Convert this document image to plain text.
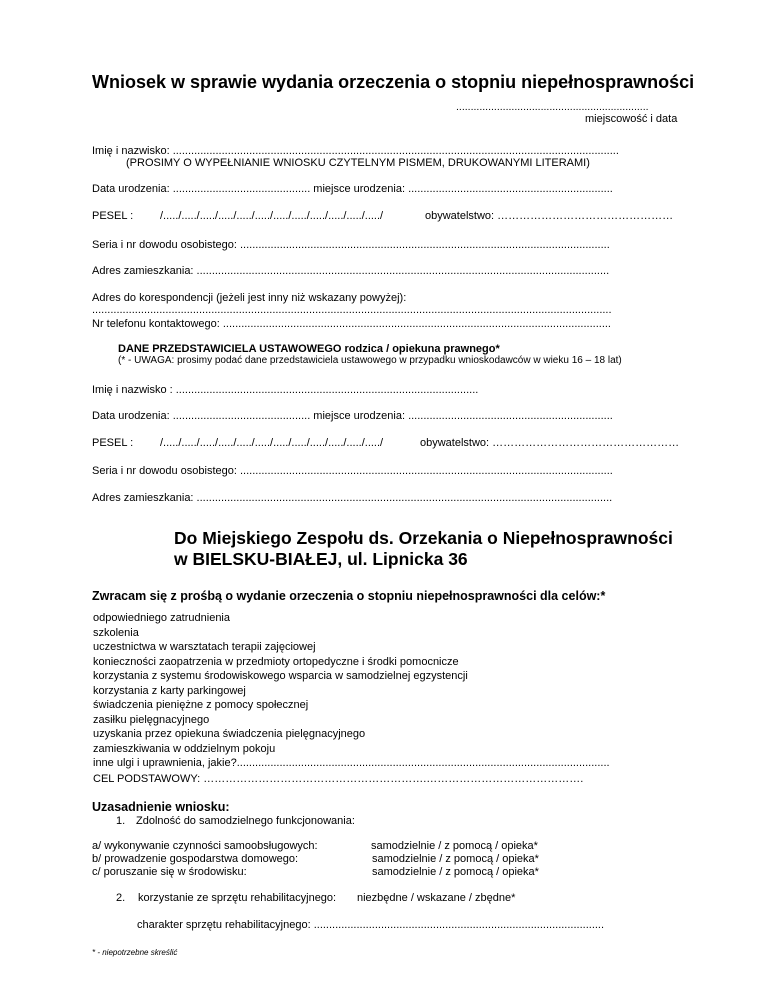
Wniosek w sprawie wydania orzeczenia o stopniu niepełnosprawności
..................................................................
miejscowość i data
Imię i nazwisko: ..................................................................................................................................................
(PROSIMY O WYPEŁNIANIE WNIOSKU CZYTELNYM PISMEM, DRUKOWANYMI LITERAMI)
Data urodzenia: ............................................. miejsce urodzenia: ...................................................................
PESEL : /...../...../...../...../...../...../...../...../...../...../...../...../	obywatelstwo: …………………………………………
Seria i nr dowodu osobistego: .........................................................................................................................
Adres zamieszkania: .......................................................................................................................................
Adres do korespondencji (jeżeli jest inny niż wskazany powyżej):
..........................................................................................................................................................................
Nr telefonu kontaktowego: ...............................................................................................................................
DANE PRZEDSTAWICIELA USTAWOWEGO rodzica / opiekuna prawnego*
(* - UWAGA: prosimy podać dane przedstawiciela ustawowego w przypadku wnioskodawców w wieku 16 – 18 lat)
Imię i nazwisko : ...................................................................................................
Data urodzenia: ............................................. miejsce urodzenia: ...................................................................
PESEL : /...../...../...../...../...../...../...../...../...../...../...../...../	obywatelstwo: ……………………………………………
Seria i nr dowodu osobistego: ..........................................................................................................................
Adres zamieszkania: ........................................................................................................................................
Do Miejskiego Zespołu ds. Orzekania o Niepełnosprawności
w BIELSKU-BIAŁEJ, ul. Lipnicka 36
Zwracam się z prośbą o wydanie orzeczenia o stopniu niepełnosprawności dla celów:*
odpowiedniego zatrudnienia
szkolenia
uczestnictwa w warsztatach terapii zajęciowej
konieczności zaopatrzenia w przedmioty ortopedyczne i środki pomocnicze
korzystania z systemu środowiskowego wsparcia w samodzielnej egzystencji
korzystania z karty parkingowej
świadczenia pieniężne z pomocy społecznej
zasiłku pielęgnacyjnego
uzyskania przez opiekuna świadczenia pielęgnacyjnego
zamieszkiwania w oddzielnym pokoju
inne ulgi i uprawnienia, jakie?..........................................................................................................................
CEL PODSTAWOWY: …………………………………………………….…………………………………….
Uzasadnienie wniosku:
1. Zdolność do samodzielnego funkcjonowania:
a/ wykonywanie czynności samoobsługowych:	samodzielnie / z pomocą / opieka*
b/ prowadzenie gospodarstwa domowego:	samodzielnie / z pomocą / opieka*
c/ poruszanie się w środowisku:	samodzielnie / z pomocą / opieka*
2. korzystanie ze sprzętu rehabilitacyjnego: niezbędne / wskazane / zbędne*
charakter sprzętu rehabilitacyjnego: ...............................................................................................
* - niepotrzebne skreślić
